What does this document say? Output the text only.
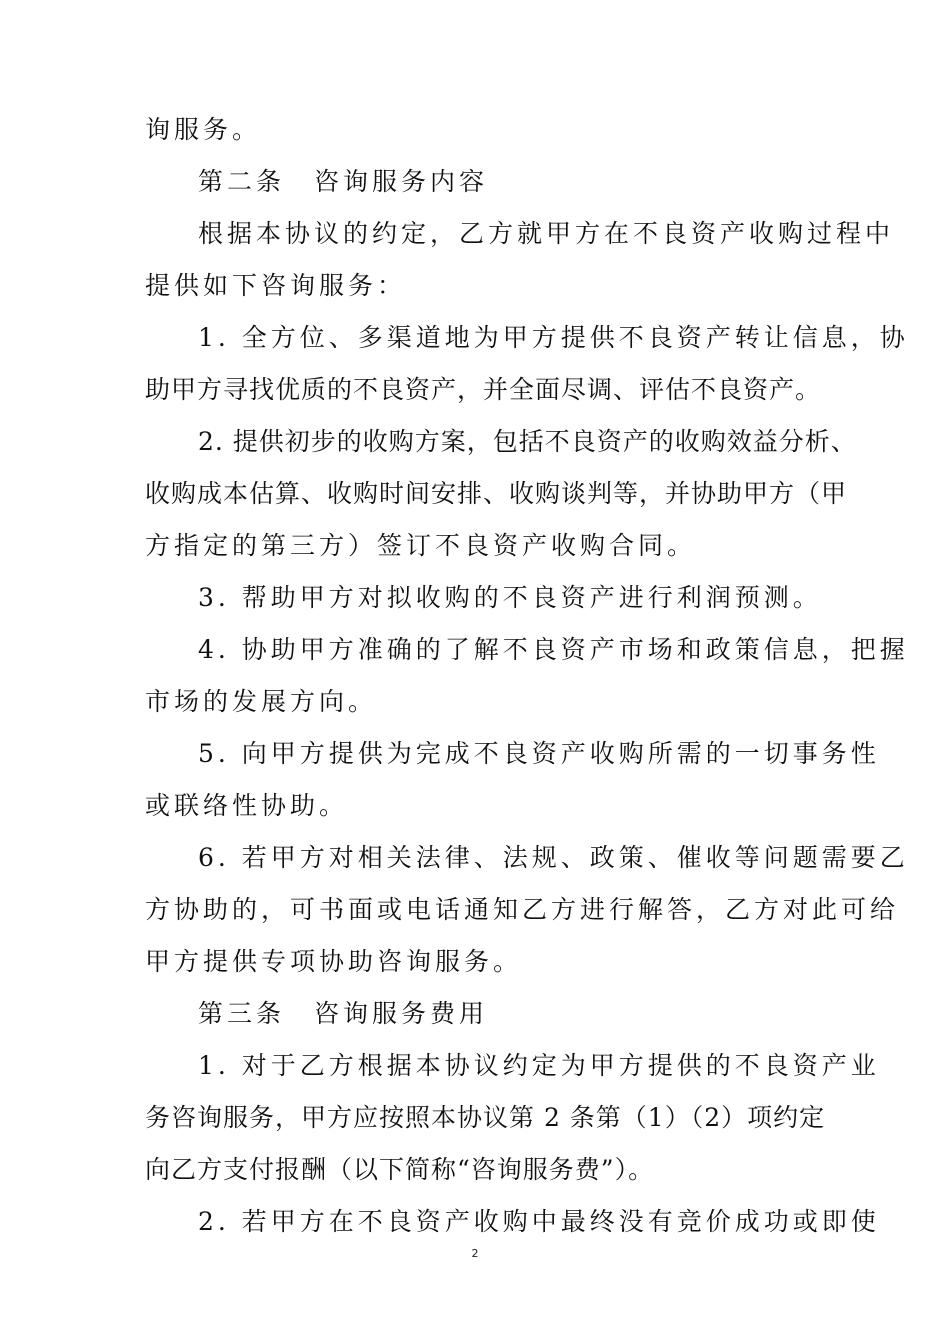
询服务。
第二条　咨询服务内容
根据本协议的约定，乙方就甲方在不良资产收购过程中
提供如下咨询服务：
1. 全方位、多渠道地为甲方提供不良资产转让信息，协
助甲方寻找优质的不良资产，并全面尽调、评估不良资产。
2. 提供初步的收购方案，包括不良资产的收购效益分析、
收购成本估算、收购时间安排、收购谈判等，并协助甲方（甲
方指定的第三方）签订不良资产收购合同。
3. 帮助甲方对拟收购的不良资产进行利润预测。
4. 协助甲方准确的了解不良资产市场和政策信息，把握
市场的发展方向。
5. 向甲方提供为完成不良资产收购所需的一切事务性
或联络性协助。
6. 若甲方对相关法律、法规、政策、催收等问题需要乙
方协助的，可书面或电话通知乙方进行解答，乙方对此可给
甲方提供专项协助咨询服务。
第三条　咨询服务费用
1. 对于乙方根据本协议约定为甲方提供的不良资产业
务咨询服务，甲方应按照本协议第 2 条第（1）（2）项约定
向乙方支付报酬（以下简称“咨询服务费”）。
2. 若甲方在不良资产收购中最终没有竞价成功或即使
2
